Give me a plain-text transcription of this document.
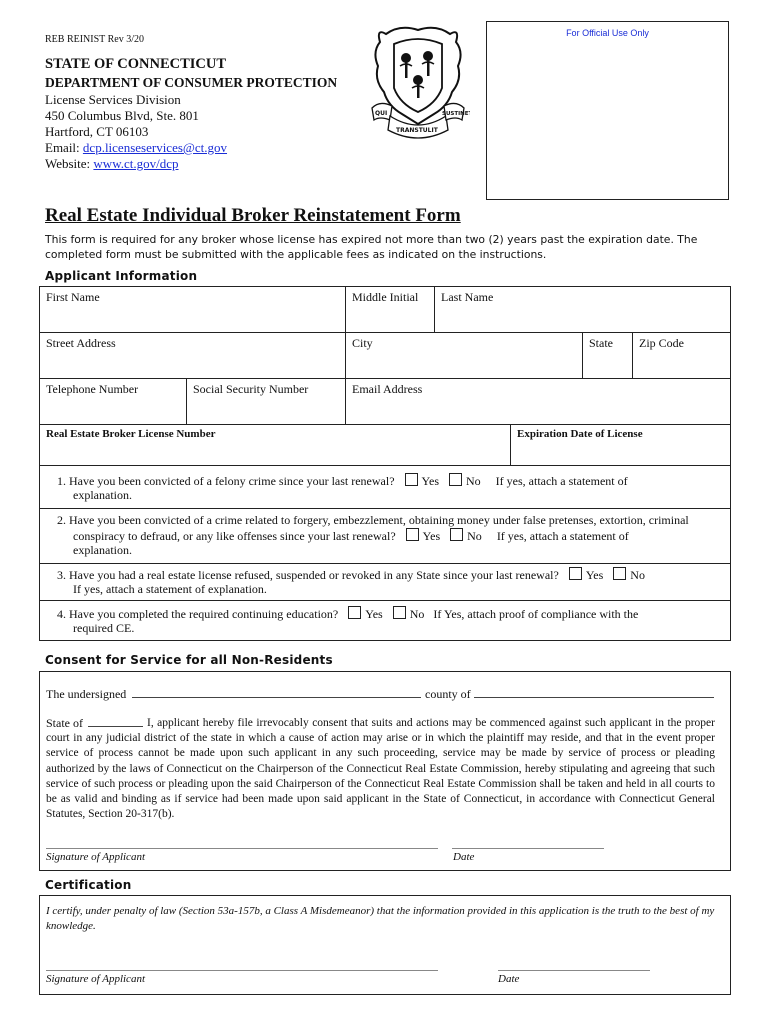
REB REINIST Rev 3/20
STATE OF CONNECTICUT
DEPARTMENT OF CONSUMER PROTECTION
License Services Division
450 Columbus Blvd, Ste. 801
Hartford, CT 06103
Email: dcp.licenseservices@ct.gov
Website: www.ct.gov/dcp
QUI
TRANSTULIT
SUSTINET
For Official Use Only
Real Estate Individual Broker Reinstatement Form
This form is required for any broker whose license has expired not more than two (2) years past the expiration date. The completed form must be submitted with the applicable fees as indicated on the instructions.
Applicant Information
First Name	Middle Initial	Last Name
Street Address	City	State	Zip Code
Telephone Number	Social Security Number	Email Address
Real Estate Broker License Number	Expiration Date of License
1. Have you been convicted of a felony crime since your last renewal? Yes No If yes, attach a statement of
explanation.
2. Have you been convicted of a crime related to forgery, embezzlement, obtaining money under false pretenses, extortion, criminal
conspiracy to defraud, or any like offenses since your last renewal? Yes No If yes, attach a statement of
explanation.
3. Have you had a real estate license refused, suspended or revoked in any State since your last renewal? Yes No
If yes, attach a statement of explanation.
4. Have you completed the required continuing education? Yes No If Yes, attach proof of compliance with the
required CE.
Consent for Service for all Non-Residents
The undersigned	county of
State of	I, applicant hereby file irrevocably consent that suits and actions may be commenced against such applicant in the proper court in any judicial district of the state in which a cause of action may arise or in which the plaintiff may reside, and that in the event proper service of process cannot be made upon such applicant in any such proceeding, service may be made by service of process or pleading authorized by the laws of Connecticut on the Chairperson of the Connecticut Real Estate Commission, hereby stipulating and agreeing that such service of such process or pleading upon the said Chairperson of the Connecticut Real Estate Commission shall be taken and held in all courts to be as valid and binding as if service had been made upon said applicant in the State of Connecticut, in accordance with Connecticut General Statutes, Section 20-317(b).
Signature of Applicant	Date
Certification
I certify, under penalty of law (Section 53a-157b, a Class A Misdemeanor) that the information provided in this application is the truth to the best of my knowledge.
Signature of Applicant	Date
